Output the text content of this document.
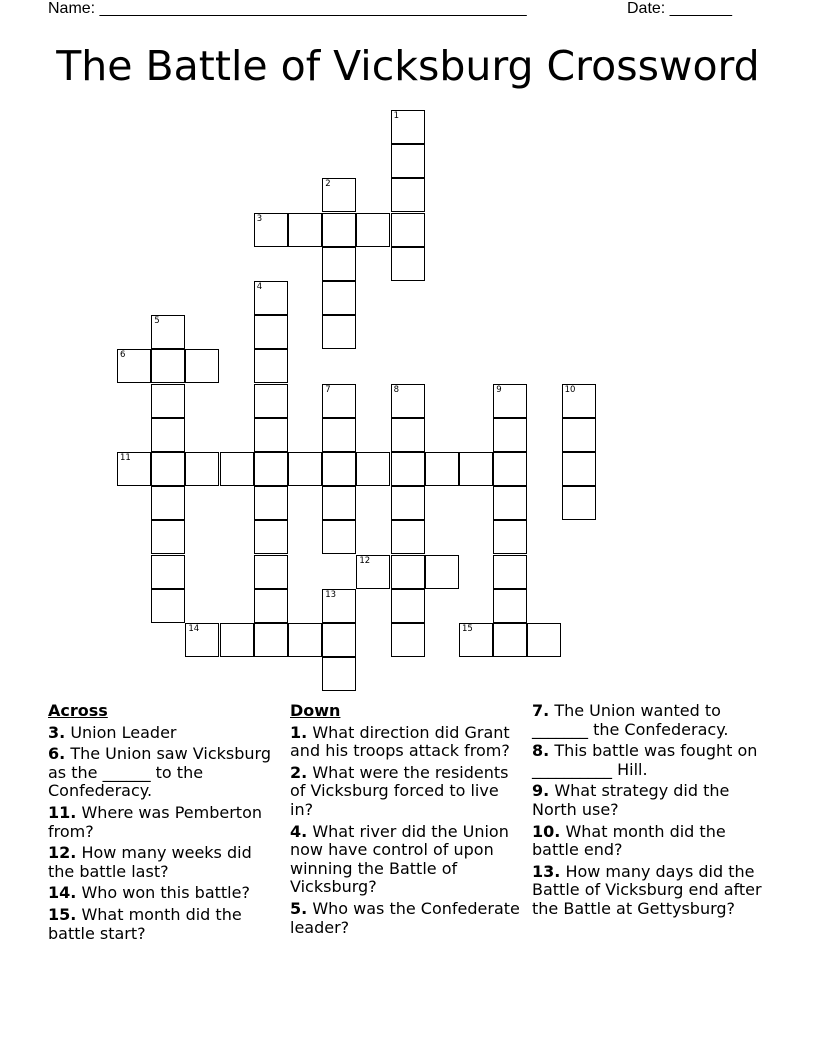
Name: ________________________________________________	Date: _______
The Battle of Vicksburg Crossword
1
2
3
4
5
6
7	8	9	10
11
12
13
14	15
Across
3. Union Leader
6. The Union saw Vicksburg as the ______ to the Confederacy.
11. Where was Pemberton from?
12. How many weeks did the battle last?
14. Who won this battle?
15. What month did the battle start?
Down
1. What direction did Grant and his troops attack from?
2. What were the residents of Vicksburg forced to live in?
4. What river did the Union now have control of upon winning the Battle of Vicksburg?
5. Who was the Confederate leader?
7. The Union wanted to _______ the Confederacy.
8. This battle was fought on __________ Hill.
9. What strategy did the North use?
10. What month did the battle end?
13. How many days did the Battle of Vicksburg end after the Battle at Gettysburg?
